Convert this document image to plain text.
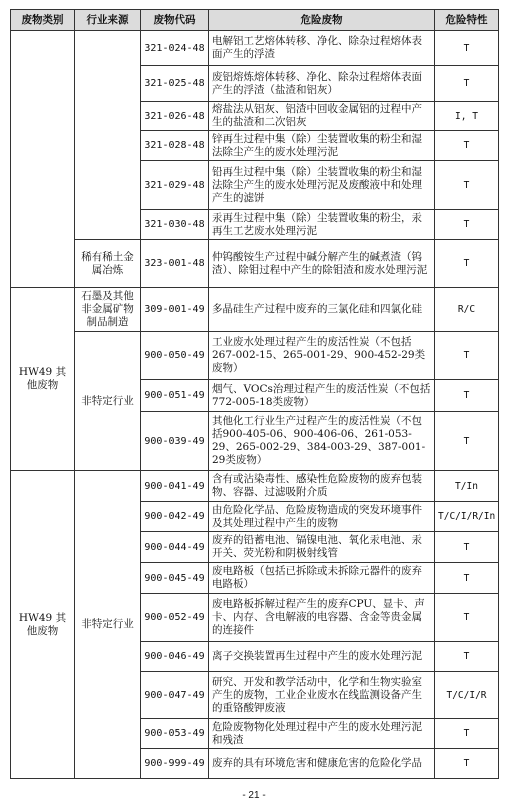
废物类别	行业来源	废物代码	危险废物	危险特性
		321-024-48	电解铝工艺熔体转移、净化、除杂过程熔体表面产生的浮渣	T
		321-025-48	废铝熔炼熔体转移、净化、除杂过程熔体表面产生的浮渣（盐渣和铝灰）	T
		321-026-48	熔盐法从铝灰、铝渣中回收金属铝的过程中产生的盐渣和二次铝灰	I, T
		321-028-48	锌再生过程中集（除）尘装置收集的粉尘和湿法除尘产生的废水处理污泥	T
		321-029-48	铅再生过程中集（除）尘装置收集的粉尘和湿法除尘产生的废水处理污泥及废酸液中和处理产生的滤饼	T
		321-030-48	汞再生过程中集（除）尘装置收集的粉尘，汞再生工艺废水处理污泥	T
	稀有稀土金属冶炼	323-001-48	仲钨酸铵生产过程中碱分解产生的碱煮渣（钨渣）、除钼过程中产生的除钼渣和废水处理污泥	T
HW49 其他废物	石墨及其他非金属矿物制品制造	309-001-49	多晶硅生产过程中废弃的三氯化硅和四氯化硅	R/C
	非特定行业	900-050-49	工业废水处理过程产生的废活性炭（不包括267-002-15、265-001-29、900-452-29类废物）	T
		900-051-49	烟气、VOCs治理过程产生的废活性炭（不包括772-005-18类废物）	T
		900-039-49	其他化工行业生产过程产生的废活性炭（不包括900-405-06、900-406-06、261-053-29、265-002-29、384-003-29、387-001-29类废物）	T
HW49 其他废物	非特定行业	900-041-49	含有或沾染毒性、感染性危险废物的废弃包装物、容器、过滤吸附介质	T/In
		900-042-49	由危险化学品、危险废物造成的突发环境事件及其处理过程中产生的废物	T/C/I/R/In
		900-044-49	废弃的铅蓄电池、镉镍电池、氧化汞电池、汞开关、荧光粉和阴极射线管	T
		900-045-49	废电路板（包括已拆除或未拆除元器件的废弃电路板）	T
		900-052-49	废电路板拆解过程产生的废弃CPU、显卡、声卡、内存、含电解液的电容器、含金等贵金属的连接件	T
		900-046-49	离子交换装置再生过程中产生的废水处理污泥	T
		900-047-49	研究、开发和教学活动中，化学和生物实验室产生的废物，工业企业废水在线监测设备产生的重铬酸钾废液	T/C/I/R
		900-053-49	危险废物物化处理过程中产生的废水处理污泥和残渣	T
		900-999-49	废弃的具有环境危害和健康危害的危险化学品	T
- 21 -
